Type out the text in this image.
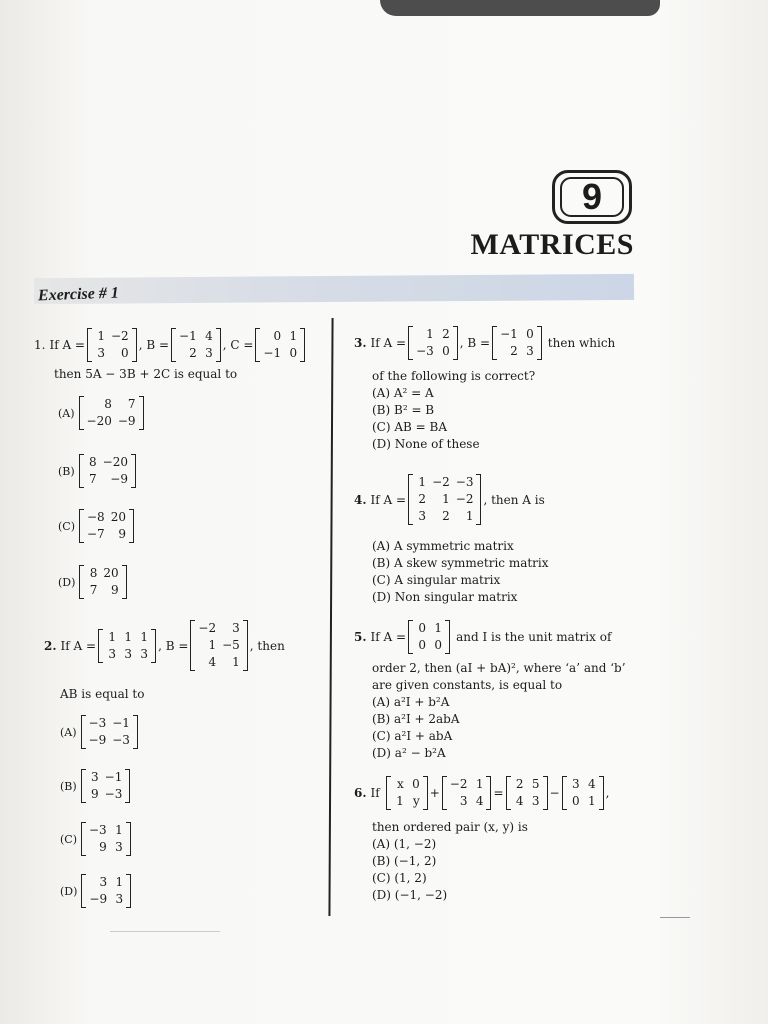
9
MATRICES
Exercise # 1
1. If A =
1 −2
3	0
, B =
−1 4
2 3
, C =
0 1
−1 0
then 5A − 3B + 2C is equal to
(A)
8	7
−20 −9
(B)
8 −20
7	−9
(C)
−8 20
−7	9
(D)
8 20
7	9
2. If A =
1 1 1
3 3 3
, B =
−2	3
1 −5
4	1
, then
AB is equal to
(A)
−3 −1
−9 −3
(B)
3 −1
9 −3
(C)
−3 1
9 3
(D)
3 1
−9 3
3. If A =
1 2
−3 0
, B =
−1 0
2 3
then which
of the following is correct?
(A) A² = A
(B) B² = B
(C) AB = BA
(D) None of these
4. If A =
1 −2 −3
2	1 −2
3	2	1
, then A is
(A) A symmetric matrix
(B) A skew symmetric matrix
(C) A singular matrix
(D) Non singular matrix
5. If A =
0 1
0 0
and I is the unit matrix of
order 2, then (aI + bA)², where ‘a’ and ‘b’
are given constants, is equal to
(A) a²I + b²A
(B) a²I + 2abA
(C) a²I + abA
(D) a² − b²A
6. If
x 0
1 y
+
−2 1
3 4
=
2 5
4 3
−
3 4
0 1
,
then ordered pair (x, y) is
(A) (1, −2)
(B) (−1, 2)
(C) (1, 2)
(D) (−1, −2)
